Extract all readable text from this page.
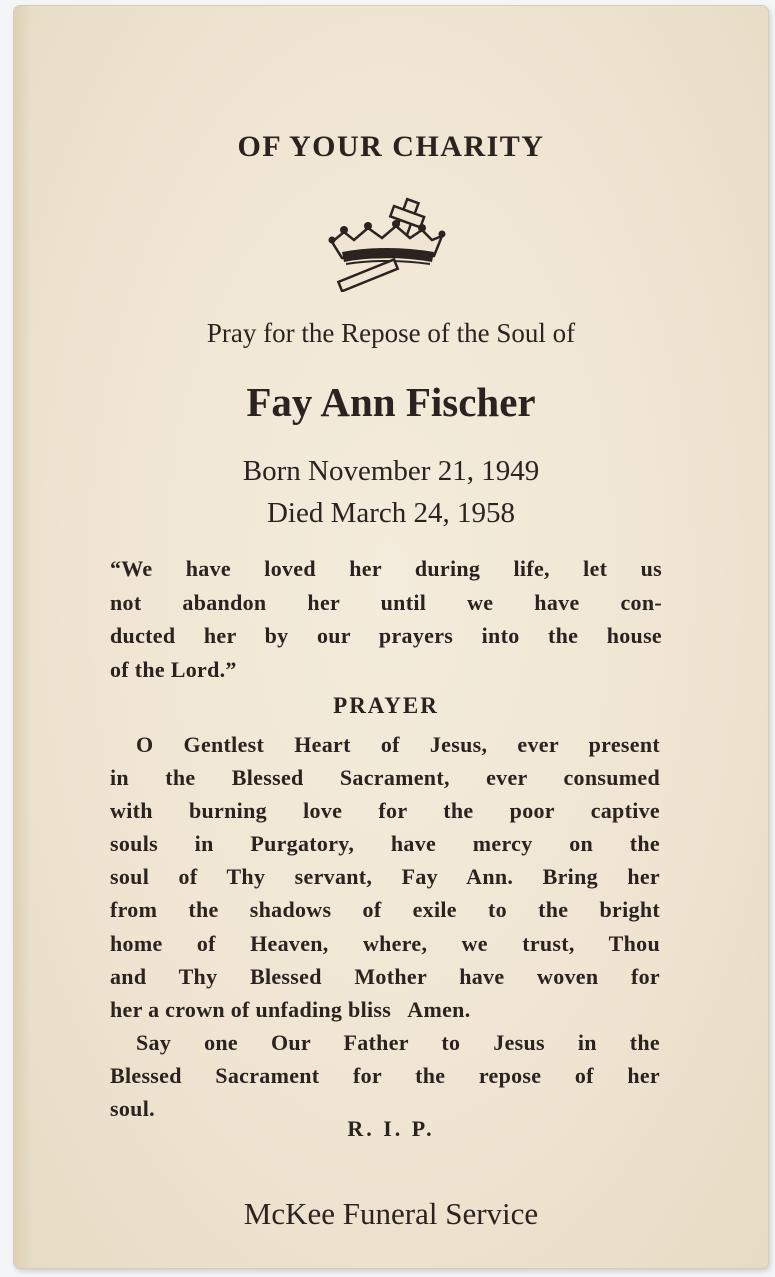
OF YOUR CHARITY
Pray for the Repose of the Soul of
Fay Ann Fischer
Born November 21, 1949
Died March 24, 1958
“We have loved her during life, let us
not abandon her until we have con-
ducted her by our prayers into the house
of the Lord.”
PRAYER
O Gentlest Heart of Jesus, ever present
in the Blessed Sacrament, ever consumed
with burning love for the poor captive
souls in Purgatory, have mercy on the
soul of Thy servant, Fay Ann. Bring her
from the shadows of exile to the bright
home of Heaven, where, we trust, Thou
and Thy Blessed Mother have woven for
her a crown of unfading bliss   Amen.
Say one Our Father to Jesus in the
Blessed Sacrament for the repose of her
soul.
R. I. P.
McKee Funeral Service
